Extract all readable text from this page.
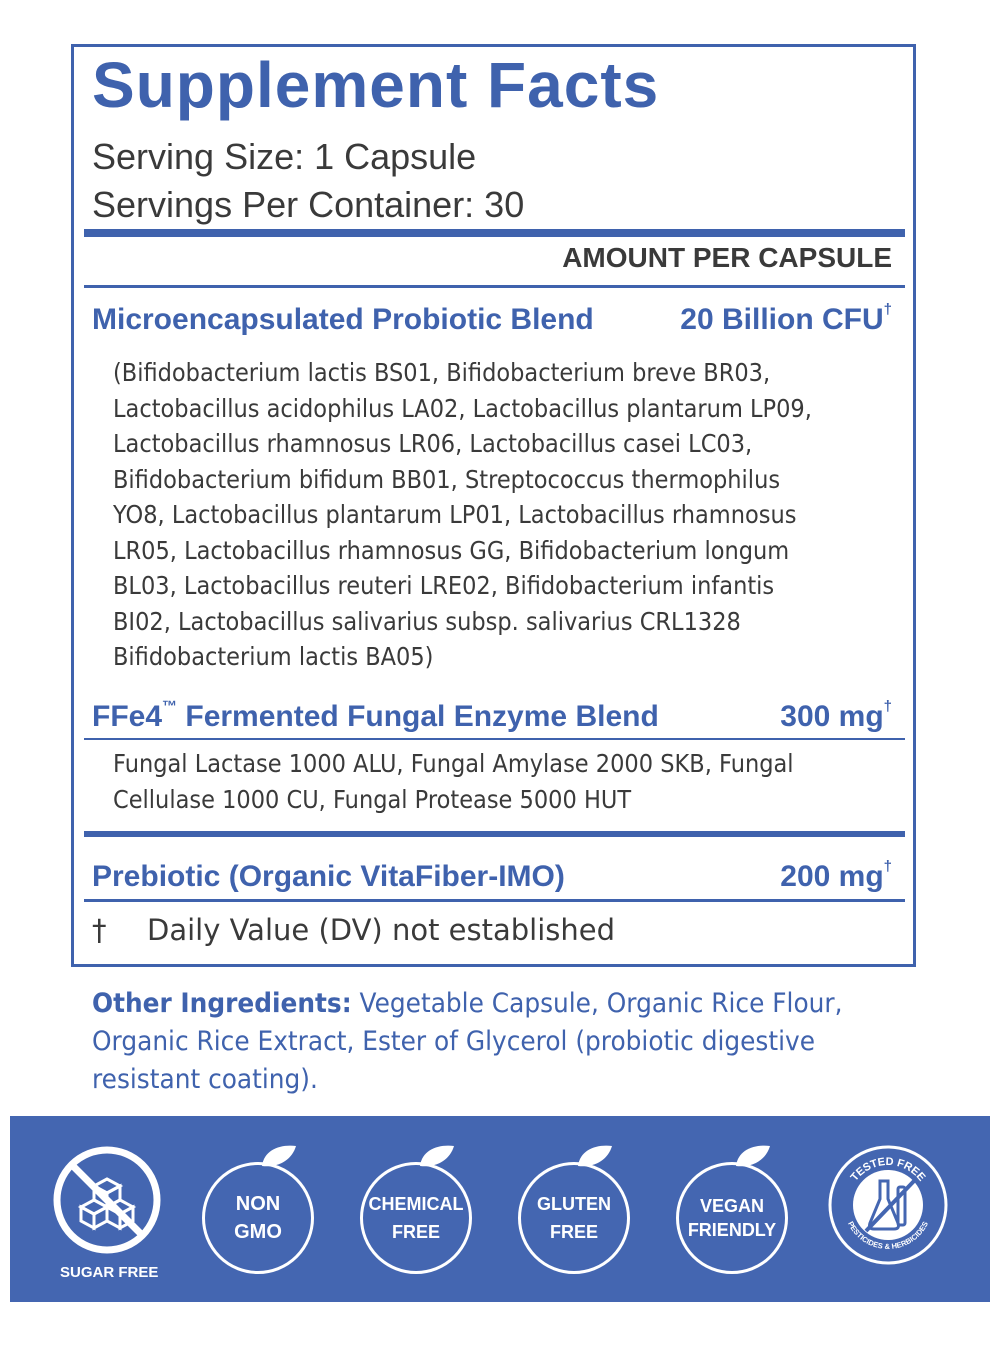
Supplement Facts
Serving Size: 1 Capsule
Servings Per Container: 30
AMOUNT PER CAPSULE
Microencapsulated Probiotic Blend	20 Billion CFU†
(Bifidobacterium lactis BS01, Bifidobacterium breve BR03,
Lactobacillus acidophilus LA02, Lactobacillus plantarum LP09,
Lactobacillus rhamnosus LR06, Lactobacillus casei LC03,
Bifidobacterium bifidum BB01, Streptococcus thermophilus
YO8, Lactobacillus plantarum LP01, Lactobacillus rhamnosus
LR05, Lactobacillus rhamnosus GG, Bifidobacterium longum
BL03, Lactobacillus reuteri LRE02, Bifidobacterium infantis
BI02, Lactobacillus salivarius subsp. salivarius CRL1328
Bifidobacterium lactis BA05)
FFe4™ Fermented Fungal Enzyme Blend	300 mg†
Fungal Lactase 1000 ALU, Fungal Amylase 2000 SKB, Fungal
Cellulase 1000 CU, Fungal Protease 5000 HUT
Prebiotic (Organic VitaFiber-IMO)	200 mg†
† Daily Value (DV) not established
Other Ingredients: Vegetable Capsule, Organic Rice Flour, Organic Rice Extract, Ester of Glycerol (probiotic digestive resistant coating).
SUGAR FREE
NON
GMO
CHEMICAL
FREE
GLUTEN
FREE
VEGAN
FRIENDLY
TESTED FREE
PESTICIDES & HERBICIDES
